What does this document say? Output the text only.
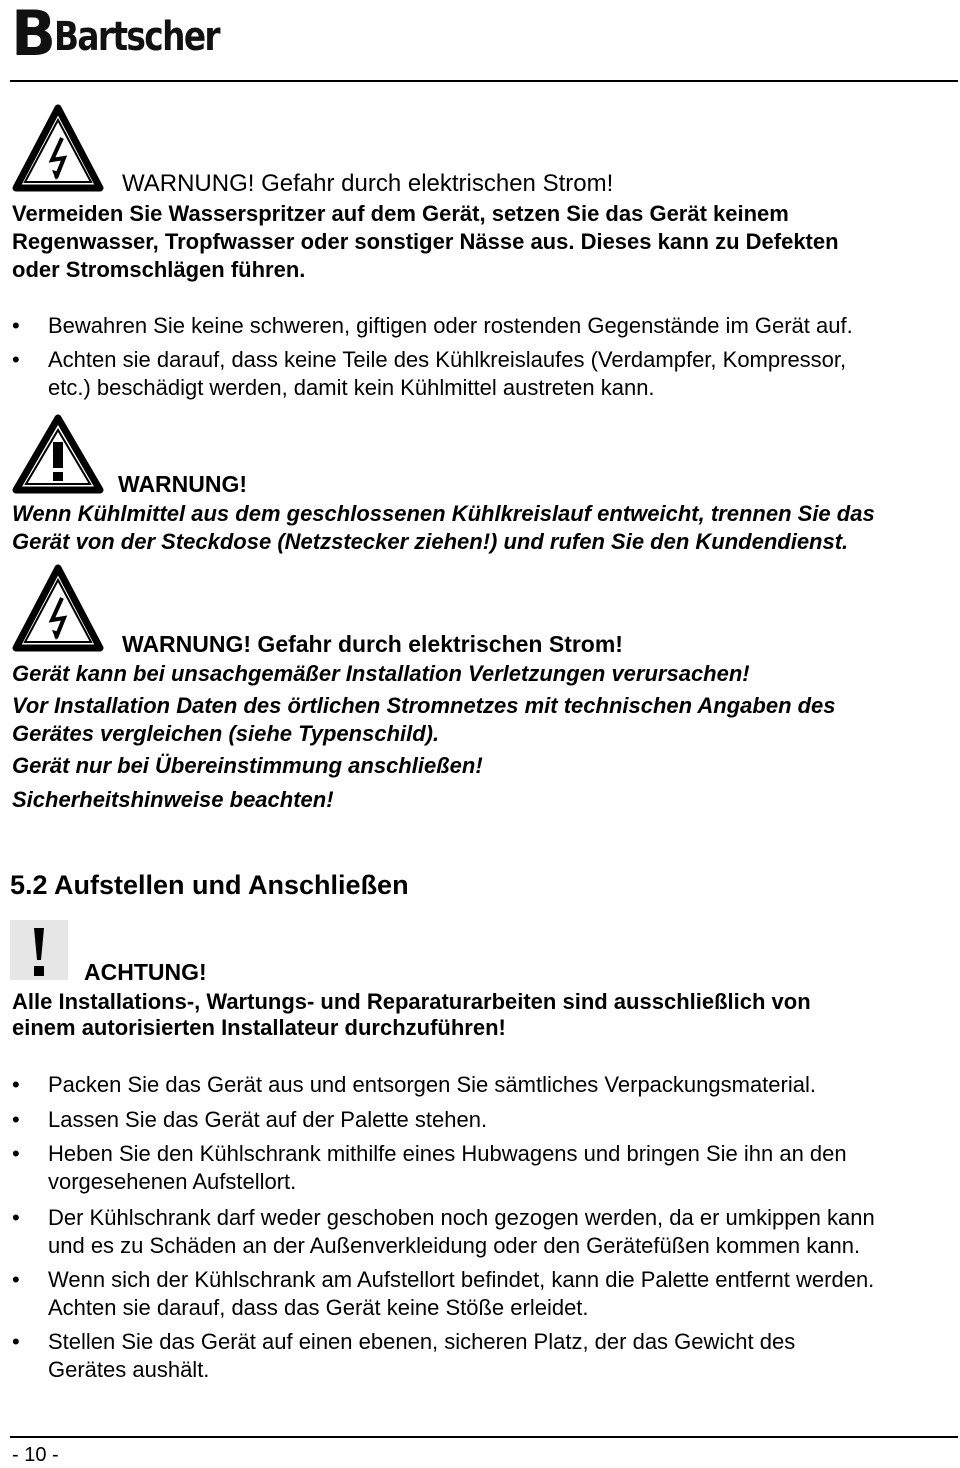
B
Bartscher
WARNUNG! Gefahr durch elektrischen Strom!
Vermeiden Sie Wasserspritzer auf dem Gerät, setzen Sie das Gerät keinem
Regenwasser, Tropfwasser oder sonstiger Nässe aus. Dieses kann zu Defekten
oder Stromschlägen führen.
• Bewahren Sie keine schweren, giftigen oder rostenden Gegenstände im Gerät auf.
• Achten sie darauf, dass keine Teile des Kühlkreislaufes (Verdampfer, Kompressor,
etc.) beschädigt werden, damit kein Kühlmittel austreten kann.
WARNUNG!
Wenn Kühlmittel aus dem geschlossenen Kühlkreislauf entweicht, trennen Sie das
Gerät von der Steckdose (Netzstecker ziehen!) und rufen Sie den Kundendienst.
WARNUNG! Gefahr durch elektrischen Strom!
Gerät kann bei unsachgemäßer Installation Verletzungen verursachen!
Vor Installation Daten des örtlichen Stromnetzes mit technischen Angaben des
Gerätes vergleichen (siehe Typenschild).
Gerät nur bei Übereinstimmung anschließen!
Sicherheitshinweise beachten!
5.2 Aufstellen und Anschließen
ACHTUNG!
Alle Installations-, Wartungs- und Reparaturarbeiten sind ausschließlich von
einem autorisierten Installateur durchzuführen!
• Packen Sie das Gerät aus und entsorgen Sie sämtliches Verpackungsmaterial.
• Lassen Sie das Gerät auf der Palette stehen.
• Heben Sie den Kühlschrank mithilfe eines Hubwagens und bringen Sie ihn an den
vorgesehenen Aufstellort.
• Der Kühlschrank darf weder geschoben noch gezogen werden, da er umkippen kann
und es zu Schäden an der Außenverkleidung oder den Gerätefüßen kommen kann.
• Wenn sich der Kühlschrank am Aufstellort befindet, kann die Palette entfernt werden.
Achten sie darauf, dass das Gerät keine Stöße erleidet.
• Stellen Sie das Gerät auf einen ebenen, sicheren Platz, der das Gewicht des
Gerätes aushält.
- 10 -
